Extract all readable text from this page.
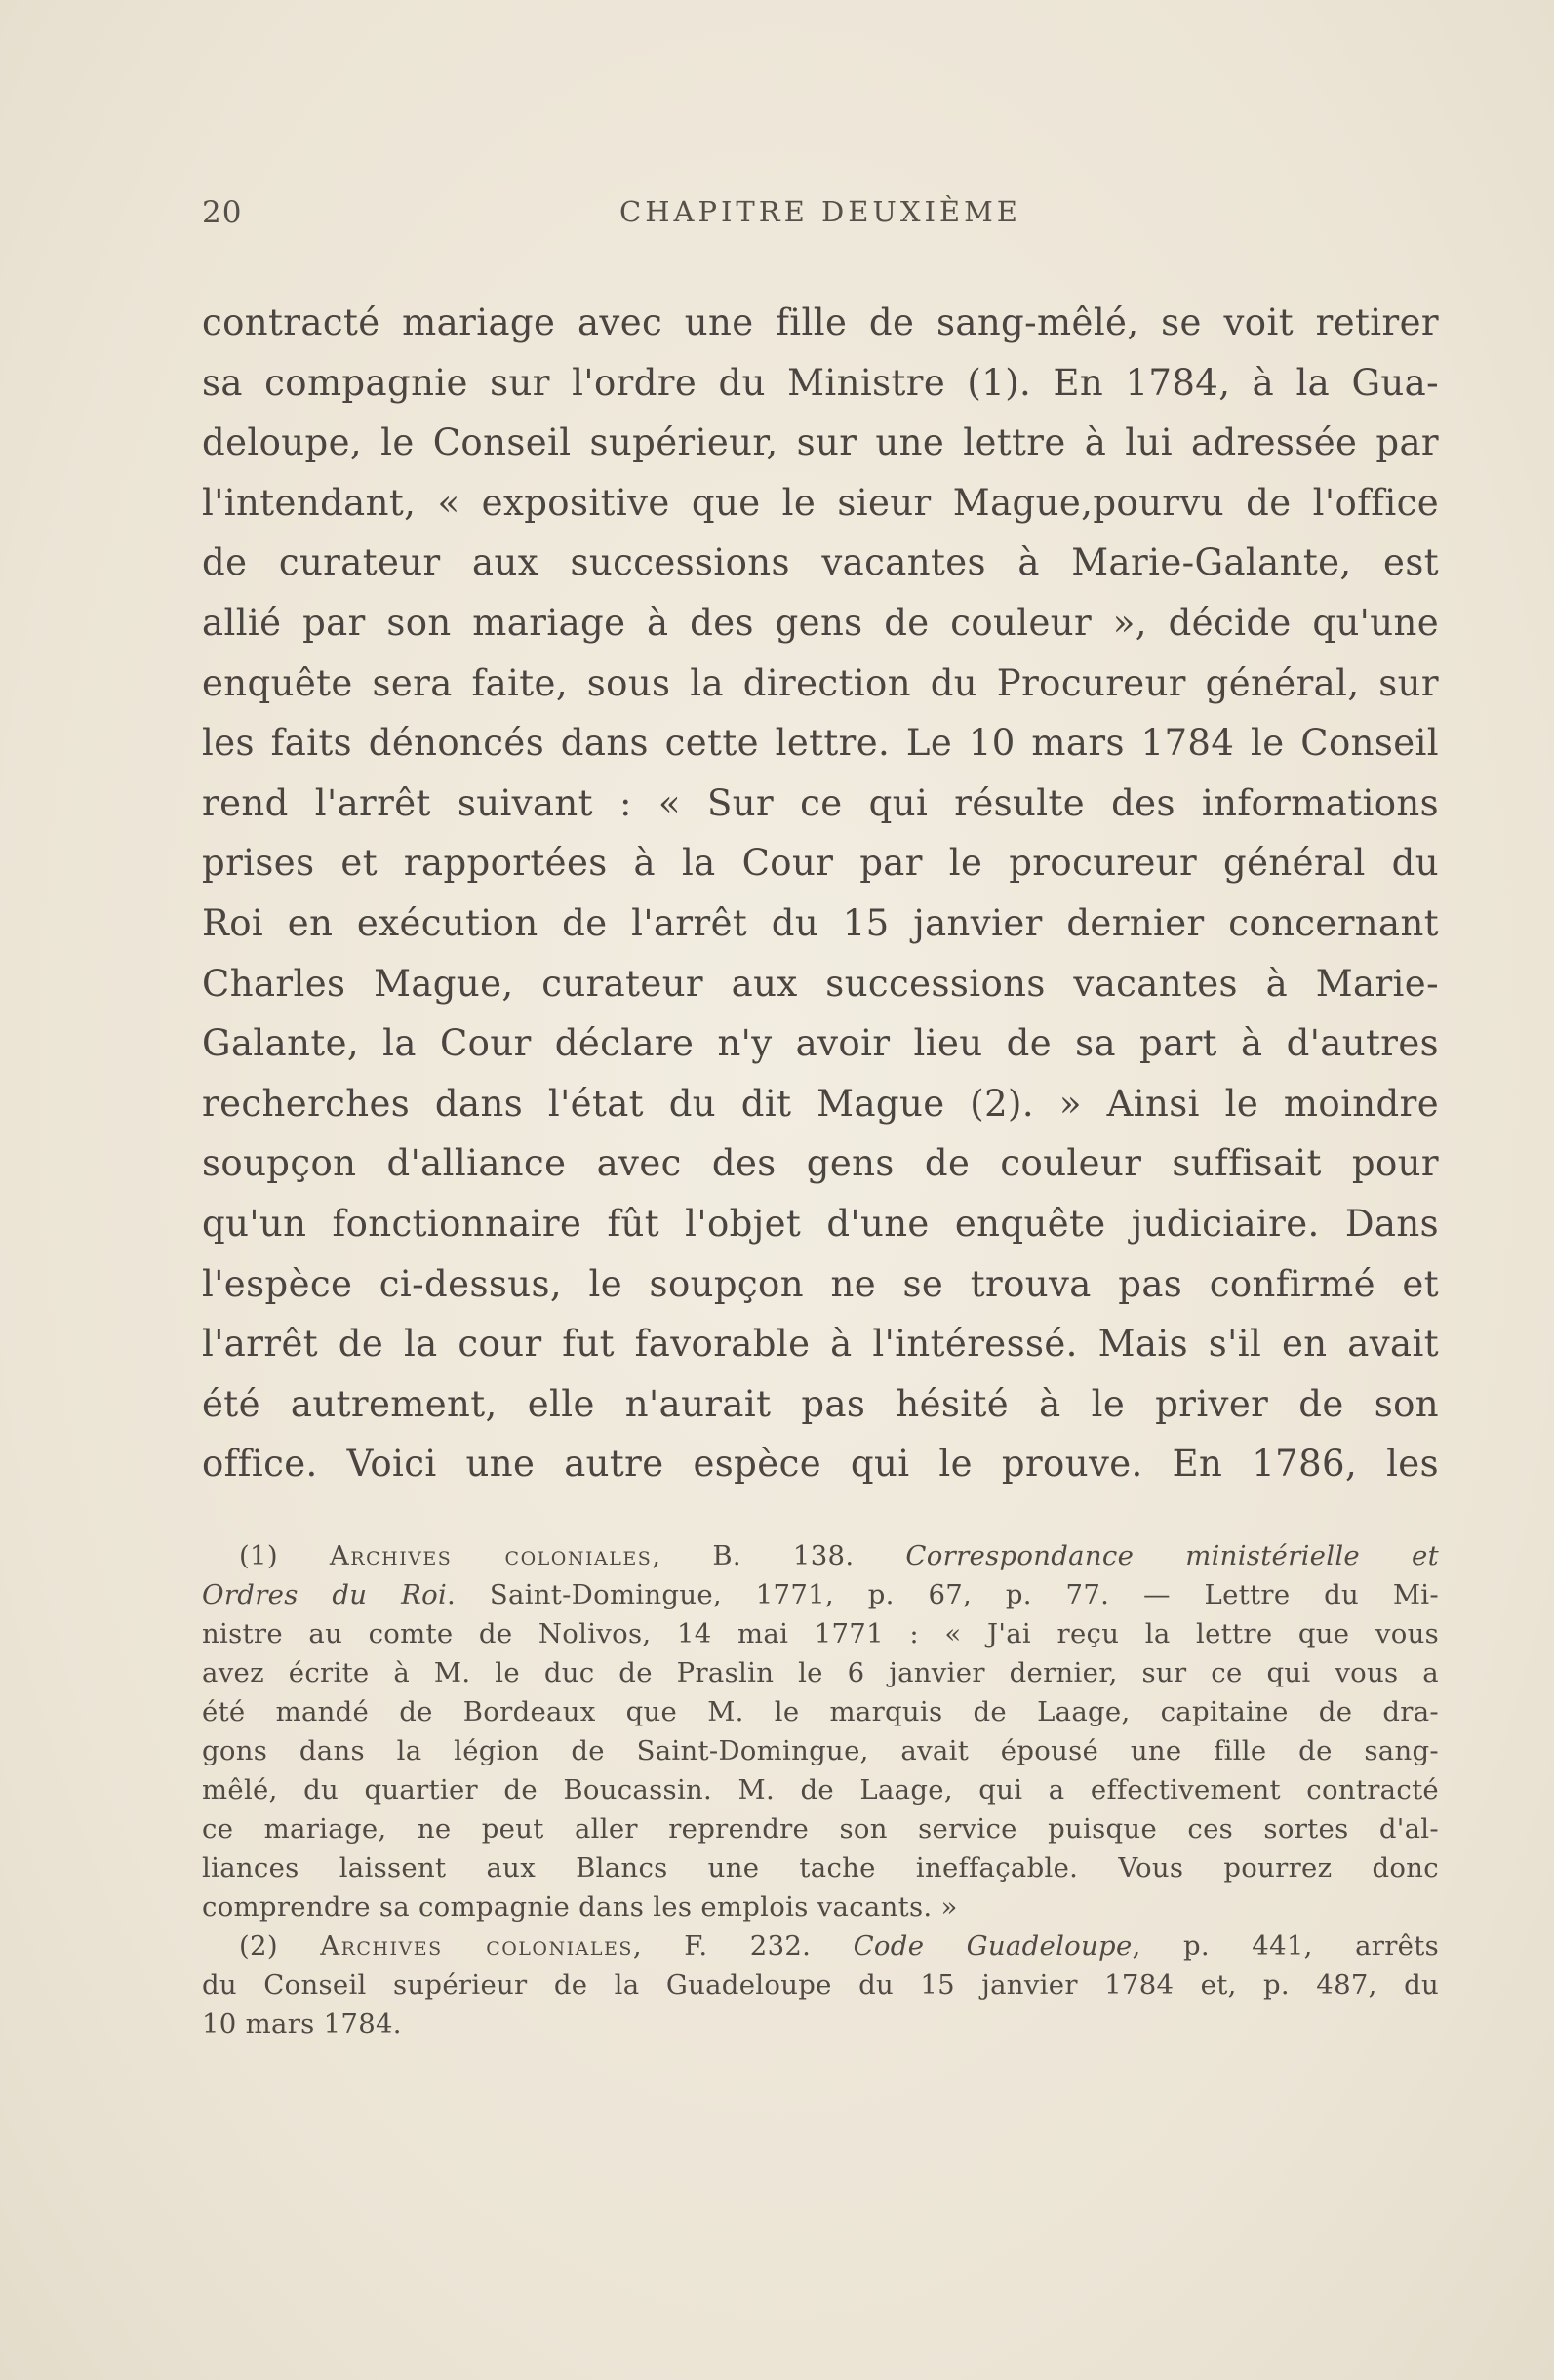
20	CHAPITRE DEUXIÈME
contracté mariage avec une fille de sang-mêlé, se voit retirer
sa compagnie sur l'ordre du Ministre (1). En 1784, à la Gua-
deloupe, le Conseil supérieur, sur une lettre à lui adressée par
l'intendant, « expositive que le sieur Mague,pourvu de l'office
de curateur aux successions vacantes à Marie-Galante, est
allié par son mariage à des gens de couleur », décide qu'une
enquête sera faite, sous la direction du Procureur général, sur
les faits dénoncés dans cette lettre. Le 10 mars 1784 le Conseil
rend l'arrêt suivant : « Sur ce qui résulte des informations
prises et rapportées à la Cour par le procureur général du
Roi en exécution de l'arrêt du 15 janvier dernier concernant
Charles Mague, curateur aux successions vacantes à Marie-
Galante, la Cour déclare n'y avoir lieu de sa part à d'autres
recherches dans l'état du dit Mague (2). » Ainsi le moindre
soupçon d'alliance avec des gens de couleur suffisait pour
qu'un fonctionnaire fût l'objet d'une enquête judiciaire. Dans
l'espèce ci-dessus, le soupçon ne se trouva pas confirmé et
l'arrêt de la cour fut favorable à l'intéressé. Mais s'il en avait
été autrement, elle n'aurait pas hésité à le priver de son
office. Voici une autre espèce qui le prouve. En 1786, les
(1) Archives coloniales, B. 138. Correspondance ministérielle et
Ordres du Roi. Saint-Domingue, 1771, p. 67, p. 77. — Lettre du Mi-
nistre au comte de Nolivos, 14 mai 1771 : « J'ai reçu la lettre que vous
avez écrite à M. le duc de Praslin le 6 janvier dernier, sur ce qui vous a
été mandé de Bordeaux que M. le marquis de Laage, capitaine de dra-
gons dans la légion de Saint-Domingue, avait épousé une fille de sang-
mêlé, du quartier de Boucassin. M. de Laage, qui a effectivement contracté
ce mariage, ne peut aller reprendre son service puisque ces sortes d'al-
liances laissent aux Blancs une tache ineffaçable. Vous pourrez donc
comprendre sa compagnie dans les emplois vacants. »
(2) Archives coloniales, F. 232. Code Guadeloupe, p. 441, arrêts
du Conseil supérieur de la Guadeloupe du 15 janvier 1784 et, p. 487, du
10 mars 1784.
